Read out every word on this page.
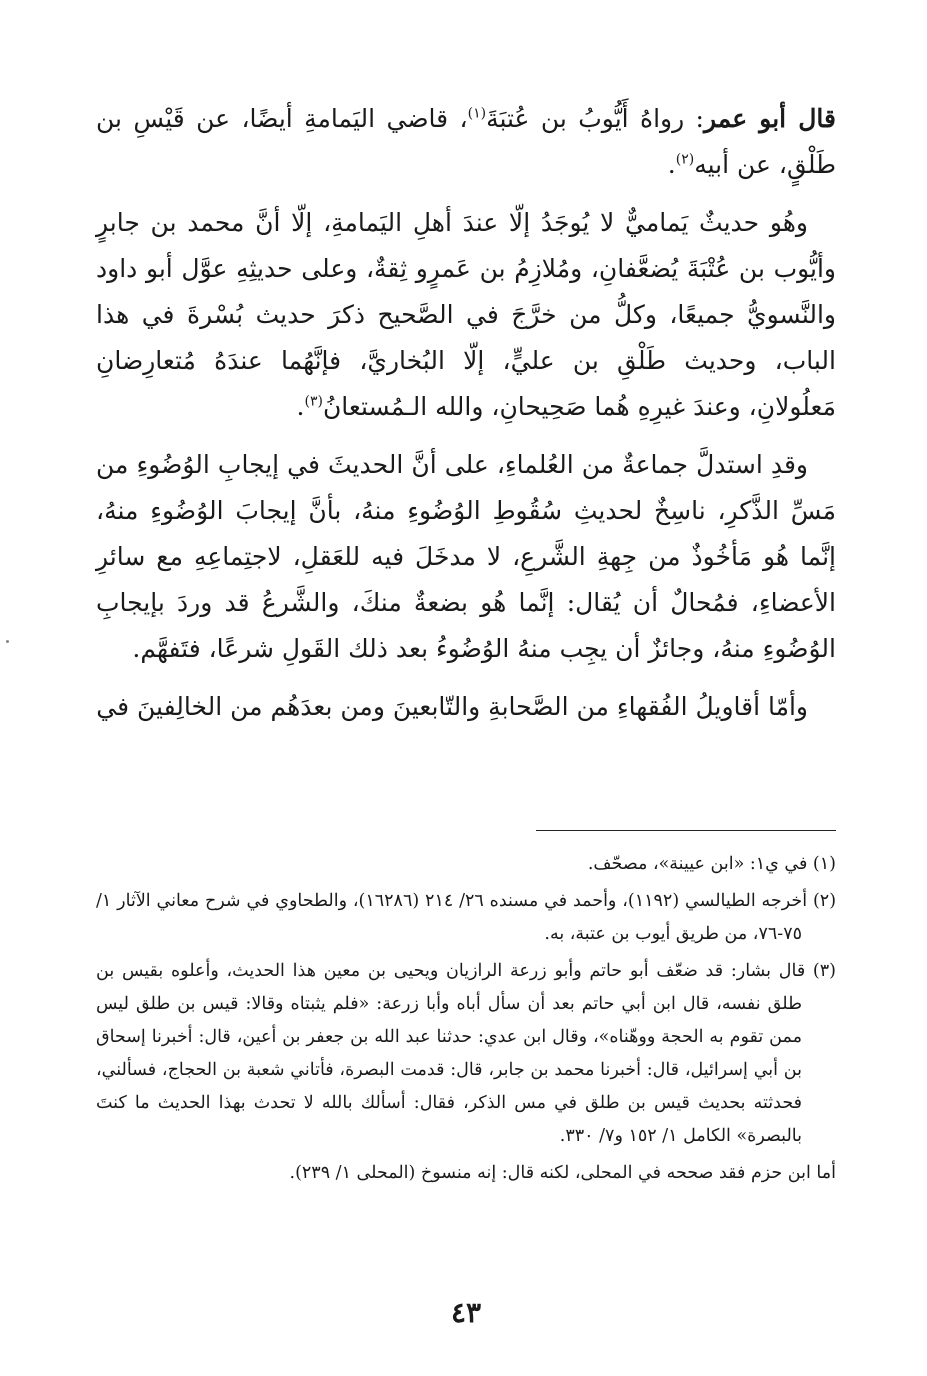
قال أبو عمر: رواهُ أَيُّوبُ بن عُتبَةَ$^{(١)}$، قاضي اليَمامةِ أيضًا، عن قَيْسِ بن طَلْقٍ، عن أبيه$^{(٢)}$.

وهُو حديثٌ يَماميٌّ لا يُوجَدُ إلّا عندَ أهلِ اليَمامةِ، إلّا أنَّ محمد بن جابرٍ وأيُّوب بن عُتْبَةَ يُضعَّفانِ، ومُلازِمُ بن عَمرٍو ثِقةٌ، وعلى حديثِهِ عوَّل أبو داود والنَّسويُّ جميعًا، وكلُّ من خرَّجَ في الصَّحيح ذكرَ حديث بُسْرةَ في هذا الباب، وحديث طَلْقِ بن عليٍّ، إلّا البُخاريَّ، فإنَّهُما عندَهُ مُتعارِضانِ مَعلُولانِ، وعندَ غيرِهِ هُما صَحِيحانِ، والله الـمُستعانُ$^{(٣)}$.

وقدِ استدلَّ جماعةٌ من العُلماءِ، على أنَّ الحديثَ في إيجابِ الوُضُوءِ من مَسِّ الذَّكرِ، ناسِخٌ لحديثِ سُقُوطِ الوُضُوءِ منهُ، بأنَّ إيجابَ الوُضُوءِ منهُ، إنَّما هُو مَأخُوذٌ من جِهةِ الشَّرعِ، لا مدخَلَ فيه للعَقلِ، لاجتِماعِهِ مع سائرِ الأعضاءِ، فمُحالٌ أن يُقال: إنَّما هُو بضعةٌ منكَ، والشَّرعُ قد وردَ بإيجابِ الوُضُوءِ منهُ، وجائزٌ أن يجِب منهُ الوُضُوءُ بعد ذلك القَولِ شرعًا، فتَفهَّم.

وأمّا أقاويلُ الفُقهاءِ من الصَّحابةِ والتّابعينَ ومن بعدَهُم من الخالِفينَ في

(١) في ي١: «ابن عيينة»، مصحّف.

(٢) أخرجه الطيالسي (١١٩٢)، وأحمد في مسنده ٢٦/ ٢١٤ (١٦٢٨٦)، والطحاوي في شرح معاني الآثار ١/ ٧٥-٧٦، من طريق أيوب بن عتبة، به.

(٣) قال بشار: قد ضعّف أبو حاتم وأبو زرعة الرازيان ويحيى بن معين هذا الحديث، وأعلوه بقيس بن طلق نفسه، قال ابن أبي حاتم بعد أن سأل أباه وأبا زرعة: «فلم يثبتاه وقالا: قيس بن طلق ليس ممن تقوم به الحجة ووهّناه»، وقال ابن عدي: حدثنا عبد الله بن جعفر بن أعين، قال: أخبرنا إسحاق بن أبي إسرائيل، قال: أخبرنا محمد بن جابر، قال: قدمت البصرة، فأتاني شعبة بن الحجاج، فسألني، فحدثته بحديث قيس بن طلق في مس الذكر، فقال: أسألك بالله لا تحدث بهذا الحديث ما كنتَ بالبصرة» الكامل ١/ ١٥٢ و٧/ ٣٣٠.

أما ابن حزم فقد صححه في المحلى، لكنه قال: إنه منسوخ (المحلى ١/ ٢٣٩).

٤٣
